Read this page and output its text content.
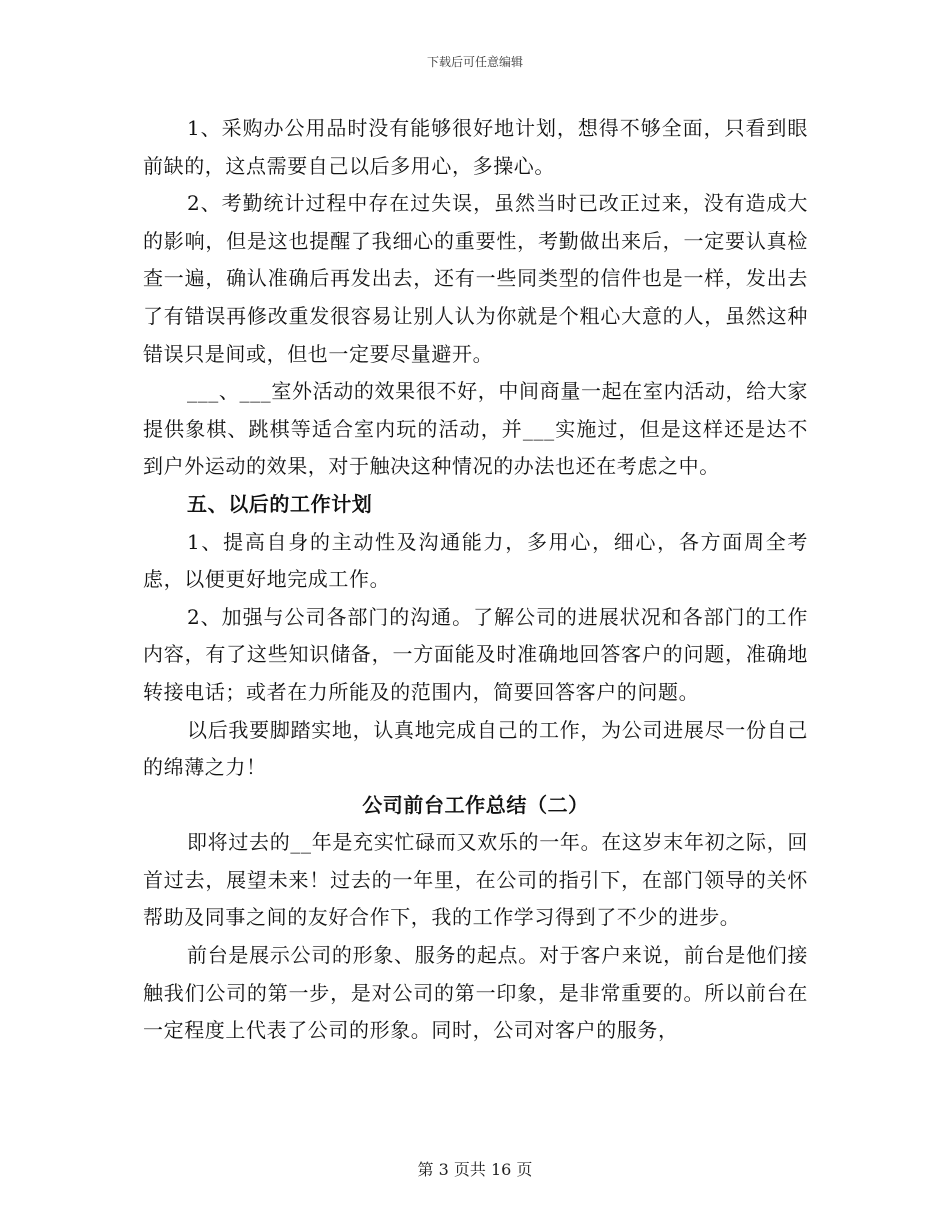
下载后可任意编辑

1、采购办公用品时没有能够很好地计划，想得不够全面，只看到眼前缺的，这点需要自己以后多用心，多操心。

2、考勤统计过程中存在过失误，虽然当时已改正过来，没有造成大的影响，但是这也提醒了我细心的重要性，考勤做出来后，一定要认真检查一遍，确认准确后再发出去，还有一些同类型的信件也是一样，发出去了有错误再修改重发很容易让别人认为你就是个粗心大意的人，虽然这种错误只是间或，但也一定要尽量避开。

___、___室外活动的效果很不好，中间商量一起在室内活动，给大家提供象棋、跳棋等适合室内玩的活动，并___实施过，但是这样还是达不到户外运动的效果，对于触决这种情况的办法也还在考虑之中。

五、以后的工作计划

1、提高自身的主动性及沟通能力，多用心，细心，各方面周全考虑，以便更好地完成工作。

2、加强与公司各部门的沟通。了解公司的进展状况和各部门的工作内容，有了这些知识储备，一方面能及时准确地回答客户的问题，准确地转接电话；或者在力所能及的范围内，简要回答客户的问题。

以后我要脚踏实地，认真地完成自己的工作，为公司进展尽一份自己的绵薄之力！

公司前台工作总结（二）

即将过去的__年是充实忙碌而又欢乐的一年。在这岁末年初之际，回首过去，展望未来！过去的一年里，在公司的指引下，在部门领导的关怀帮助及同事之间的友好合作下，我的工作学习得到了不少的进步。

前台是展示公司的形象、服务的起点。对于客户来说，前台是他们接触我们公司的第一步，是对公司的第一印象，是非常重要的。所以前台在一定程度上代表了公司的形象。同时，公司对客户的服务，

第 3 页共 16 页
